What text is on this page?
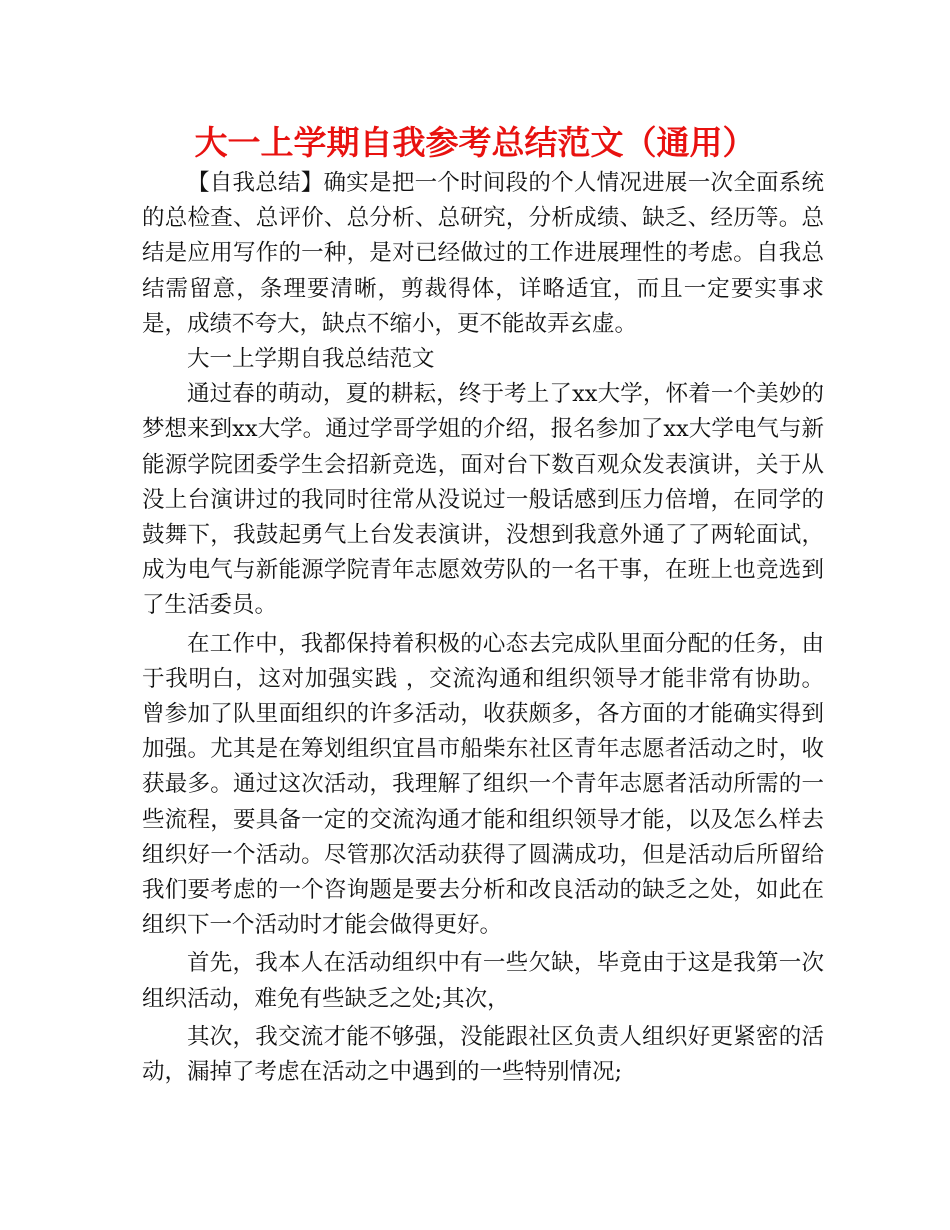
大一上学期自我参考总结范文（通用）

【自我总结】确实是把一个时间段的个人情况进展一次全面系统的总检查、总评价、总分析、总研究，分析成绩、缺乏、经历等。总结是应用写作的一种，是对已经做过的工作进展理性的考虑。自我总结需留意，条理要清晰，剪裁得体，详略适宜，而且一定要实事求是，成绩不夸大，缺点不缩小，更不能故弄玄虚。

大一上学期自我总结范文

通过春的萌动，夏的耕耘，终于考上了xx大学，怀着一个美妙的梦想来到xx大学。通过学哥学姐的介绍，报名参加了xx大学电气与新能源学院团委学生会招新竞选，面对台下数百观众发表演讲，关于从没上台演讲过的我同时往常从没说过一般话感到压力倍增，在同学的鼓舞下，我鼓起勇气上台发表演讲，没想到我意外通了了两轮面试，成为电气与新能源学院青年志愿效劳队的一名干事，在班上也竞选到了生活委员。

在工作中，我都保持着积极的心态去完成队里面分配的任务，由于我明白，这对加强实践 ，交流沟通和组织领导才能非常有协助。曾参加了队里面组织的许多活动，收获颇多，各方面的才能确实得到加强。尤其是在筹划组织宜昌市船柴东社区青年志愿者活动之时，收获最多。通过这次活动，我理解了组织一个青年志愿者活动所需的一些流程，要具备一定的交流沟通才能和组织领导才能，以及怎么样去组织好一个活动。尽管那次活动获得了圆满成功，但是活动后所留给我们要考虑的一个咨询题是要去分析和改良活动的缺乏之处，如此在组织下一个活动时才能会做得更好。

首先，我本人在活动组织中有一些欠缺，毕竟由于这是我第一次组织活动，难免有些缺乏之处;其次，

其次，我交流才能不够强，没能跟社区负责人组织好更紧密的活动，漏掉了考虑在活动之中遇到的一些特别情况;
